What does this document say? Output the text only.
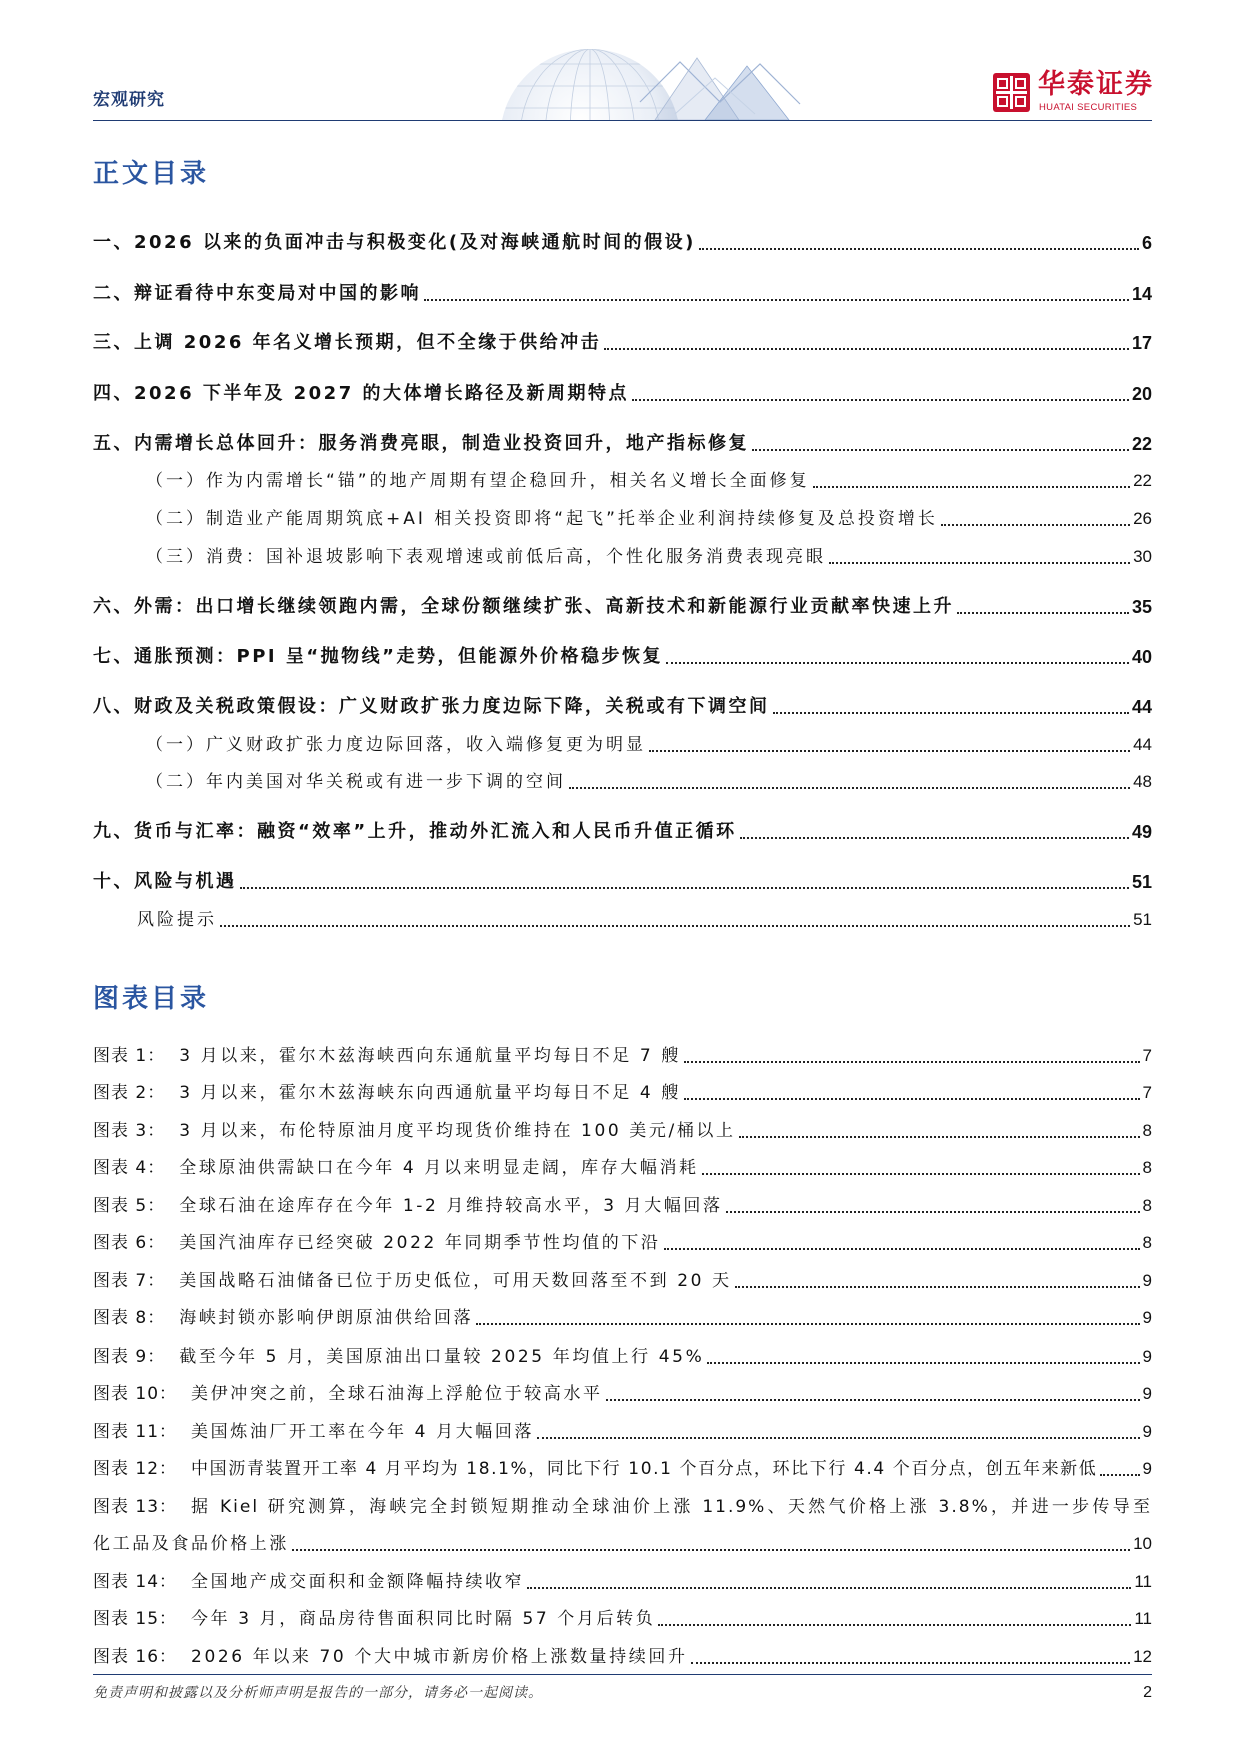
宏观研究	华泰证券
HUATAI SECURITIES
正文目录
一、2026 以来的负面冲击与积极变化(及对海峡通航时间的假设)	6
二、辩证看待中东变局对中国的影响	14
三、上调 2026 年名义增长预期，但不全缘于供给冲击	17
四、2026 下半年及 2027 的大体增长路径及新周期特点	20
五、内需增长总体回升：服务消费亮眼，制造业投资回升，地产指标修复	22
（一）作为内需增长“锚”的地产周期有望企稳回升，相关名义增长全面修复	22
（二）制造业产能周期筑底+AI 相关投资即将“起飞”托举企业利润持续修复及总投资增长	26
（三）消费：国补退坡影响下表观增速或前低后高，个性化服务消费表现亮眼	30
六、外需：出口增长继续领跑内需，全球份额继续扩张、高新技术和新能源行业贡献率快速上升	35
七、通胀预测：PPI 呈“抛物线”走势，但能源外价格稳步恢复	40
八、财政及关税政策假设：广义财政扩张力度边际下降，关税或有下调空间	44
（一）广义财政扩张力度边际回落，收入端修复更为明显	44
（二）年内美国对华关税或有进一步下调的空间	48
九、货币与汇率：融资“效率”上升，推动外汇流入和人民币升值正循环	49
十、风险与机遇	51
风险提示	51
图表目录
图表 1： 3 月以来，霍尔木兹海峡西向东通航量平均每日不足 7 艘	7
图表 2： 3 月以来，霍尔木兹海峡东向西通航量平均每日不足 4 艘	7
图表 3： 3 月以来，布伦特原油月度平均现货价维持在 100 美元/桶以上	8
图表 4： 全球原油供需缺口在今年 4 月以来明显走阔，库存大幅消耗	8
图表 5： 全球石油在途库存在今年 1-2 月维持较高水平，3 月大幅回落	8
图表 6： 美国汽油库存已经突破 2022 年同期季节性均值的下沿	8
图表 7： 美国战略石油储备已位于历史低位，可用天数回落至不到 20 天	9
图表 8： 海峡封锁亦影响伊朗原油供给回落	9
图表 9： 截至今年 5 月，美国原油出口量较 2025 年均值上行 45%	9
图表 10： 美伊冲突之前，全球石油海上浮舱位于较高水平	9
图表 11： 美国炼油厂开工率在今年 4 月大幅回落	9
图表 12： 中国沥青装置开工率 4 月平均为 18.1%，同比下行 10.1 个百分点，环比下行 4.4 个百分点，创五年来新低	9
图表 13： 据 Kiel 研究测算，海峡完全封锁短期推动全球油价上涨 11.9%、天然气价格上涨 3.8%，并进一步传导至
化工品及食品价格上涨	10
图表 14： 全国地产成交面积和金额降幅持续收窄	11
图表 15： 今年 3 月，商品房待售面积同比时隔 57 个月后转负	11
图表 16： 2026 年以来 70 个大中城市新房价格上涨数量持续回升	12
免责声明和披露以及分析师声明是报告的一部分，请务必一起阅读。	2
